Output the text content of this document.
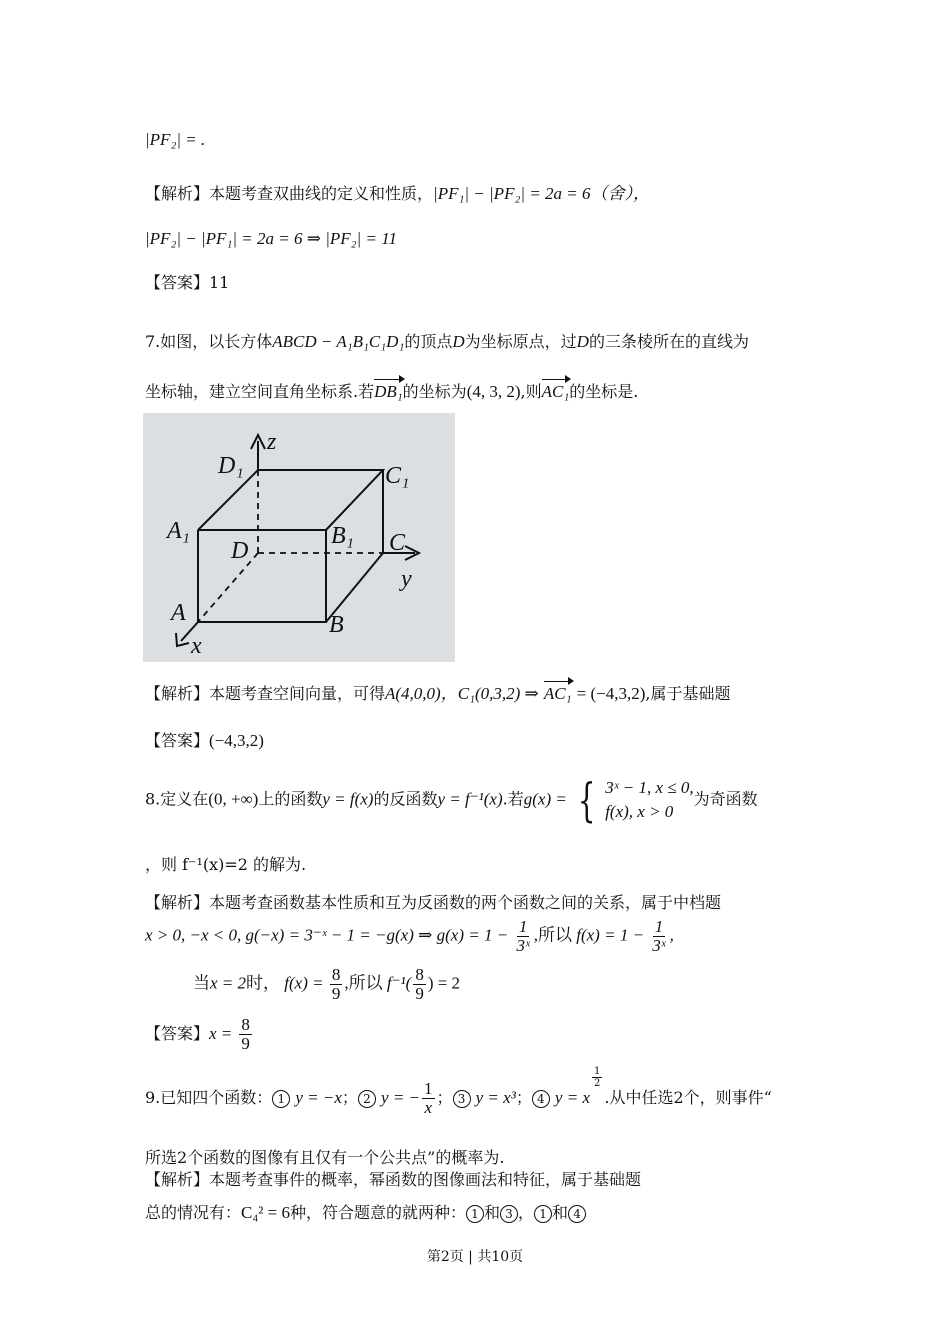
|PF₂| = .
【解析】本题考查双曲线的定义和性质，|PF₁| − |PF₂| = 2a = 6（舍），
|PF₂| − |PF₁| = 2a = 6 ⇒ |PF₂| = 11
【答案】11
7.如图，以长方体ABCD − A₁B₁C₁D₁的顶点D为坐标原点，过D的三条棱所在的直线为
坐标轴，建立空间直角坐标系.若DB₁的坐标为(4, 3, 2),则AC₁的坐标是.
z
y
x
D₁	C₁
A₁	B₁
D	C
A	B
【解析】本题考查空间向量，可得A(4,0,0)，C₁(0,3,2) ⇒ AC₁ = (−4,3,2),属于基础题
【答案】(−4,3,2)
8.定义在(0, +∞)上的函数y = f(x)的反函数y = f⁻¹(x).若g(x) = { 3ˣ − 1, x ≤ 0,
f(x), x > 0
为奇函数
，则 f⁻¹(x)=2 的解为.
【解析】本题考查函数基本性质和互为反函数的两个函数之间的关系，属于中档题
x > 0, −x < 0, g(−x) = 3⁻ˣ − 1 = −g(x) ⇒ $g(x) = 1 - \frac{1}{\text{3ˣ}}$ ,所以 $f(x) = 1 - \frac{1}{\text{3ˣ}}$ ,
当x = 2时， $f(x) = \frac{8}{9}$ ,所以 $f^{-1}( \frac{8}{9}$ ) = 2
【答案】$x = \frac{8}{9}$
9.已知四个函数： 1 y = −x； 2 y = − $\frac{1}{x}$ ； 3 y = x³； 4 y = x
$\frac{1}{2}$
.从中任选2个，则事件“
所选2个函数的图像有且仅有一个公共点”的概率为.
【解析】本题考查事件的概率，幂函数的图像画法和特征，属于基础题
总的情况有：C₄² = 6种，符合题意的就两种： 1 和 3 ， 1 和 4
第2页 | 共10页
